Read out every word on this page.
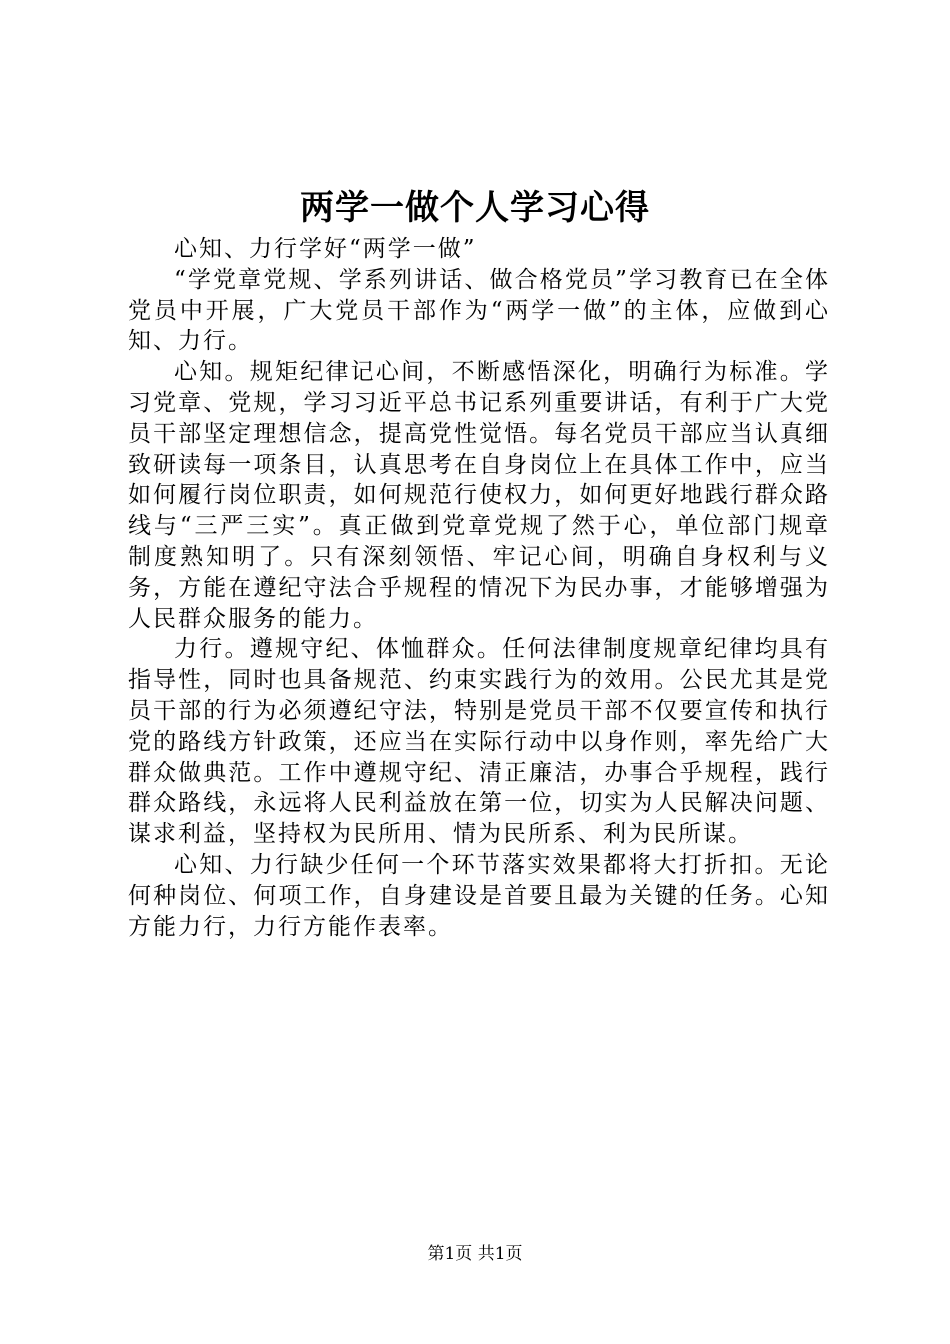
两学一做个人学习心得

心知、力行学好“两学一做”

“学党章党规、学系列讲话、做合格党员”学习教育已在全体党员中开展，广大党员干部作为“两学一做”的主体，应做到心知、力行。

心知。规矩纪律记心间，不断感悟深化，明确行为标准。学习党章、党规，学习习近平总书记系列重要讲话，有利于广大党员干部坚定理想信念，提高党性觉悟。每名党员干部应当认真细致研读每一项条目，认真思考在自身岗位上在具体工作中，应当如何履行岗位职责，如何规范行使权力，如何更好地践行群众路线与“三严三实”。真正做到党章党规了然于心，单位部门规章制度熟知明了。只有深刻领悟、牢记心间，明确自身权利与义务，方能在遵纪守法合乎规程的情况下为民办事，才能够增强为人民群众服务的能力。

力行。遵规守纪、体恤群众。任何法律制度规章纪律均具有指导性，同时也具备规范、约束实践行为的效用。公民尤其是党员干部的行为必须遵纪守法，特别是党员干部不仅要宣传和执行党的路线方针政策，还应当在实际行动中以身作则，率先给广大群众做典范。工作中遵规守纪、清正廉洁，办事合乎规程，践行群众路线，永远将人民利益放在第一位，切实为人民解决问题、谋求利益，坚持权为民所用、情为民所系、利为民所谋。

心知、力行缺少任何一个环节落实效果都将大打折扣。无论何种岗位、何项工作，自身建设是首要且最为关键的任务。心知方能力行，力行方能作表率。

第1页 共1页
